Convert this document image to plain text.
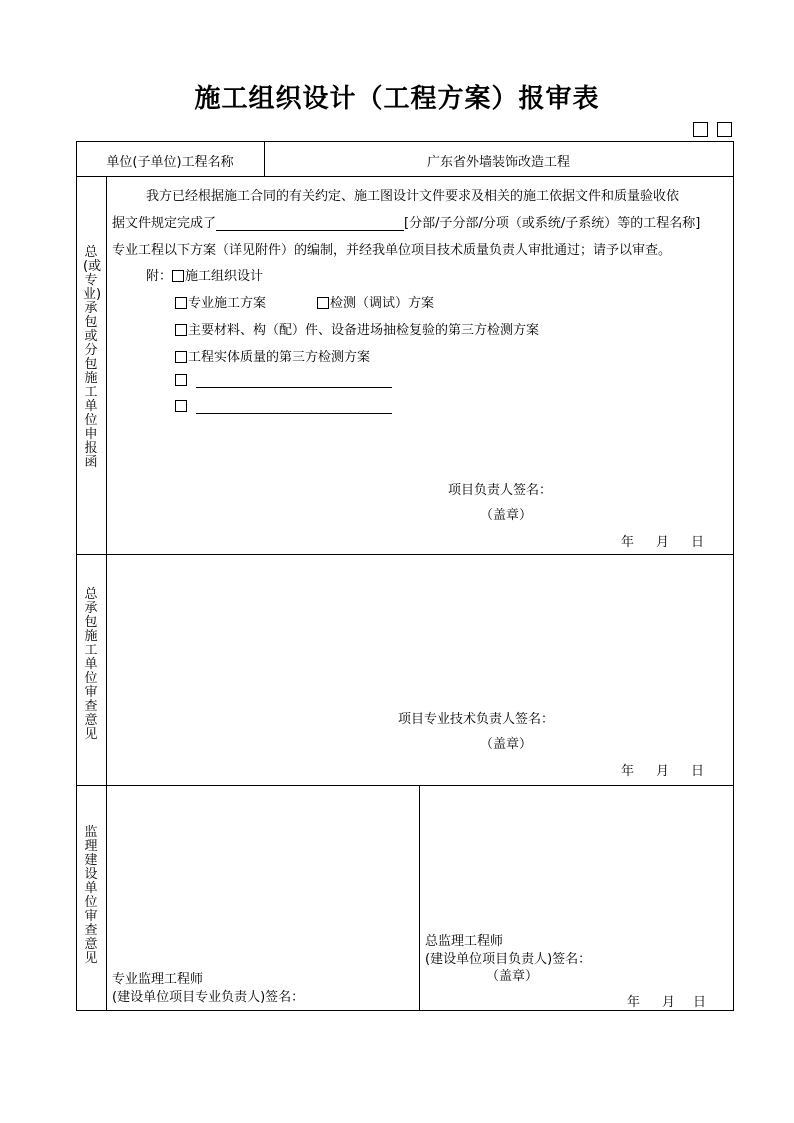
施工组织设计（工程方案）报审表

单位(子单位)工程名称	广东省外墙装饰改造工程
总(或专业)承包或分包施工单位申报函
我方已经根据施工合同的有关约定、施工图设计文件要求及相关的施工依据文件和质量验收依
据文件规定完成了	[分部/子分部/分项（或系统/子系统）等的工程名称]
专业工程以下方案（详见附件）的编制，并经我单位项目技术质量负责人审批通过；请予以审查。
附： 施工组织设计
专业施工方案	检测（调试）方案
主要材料、构（配）件、设备进场抽检复验的第三方检测方案
工程实体质量的第三方检测方案
项目负责人签名：
（盖章）
年 月 日
总承包施工单位审查意见
项目专业技术负责人签名：
（盖章）
年 月 日
监理建设单位审查意见
专业监理工程师
(建设单位项目专业负责人)签名：
总监理工程师
(建设单位项目负责人)签名：
（盖章）
年 月 日
